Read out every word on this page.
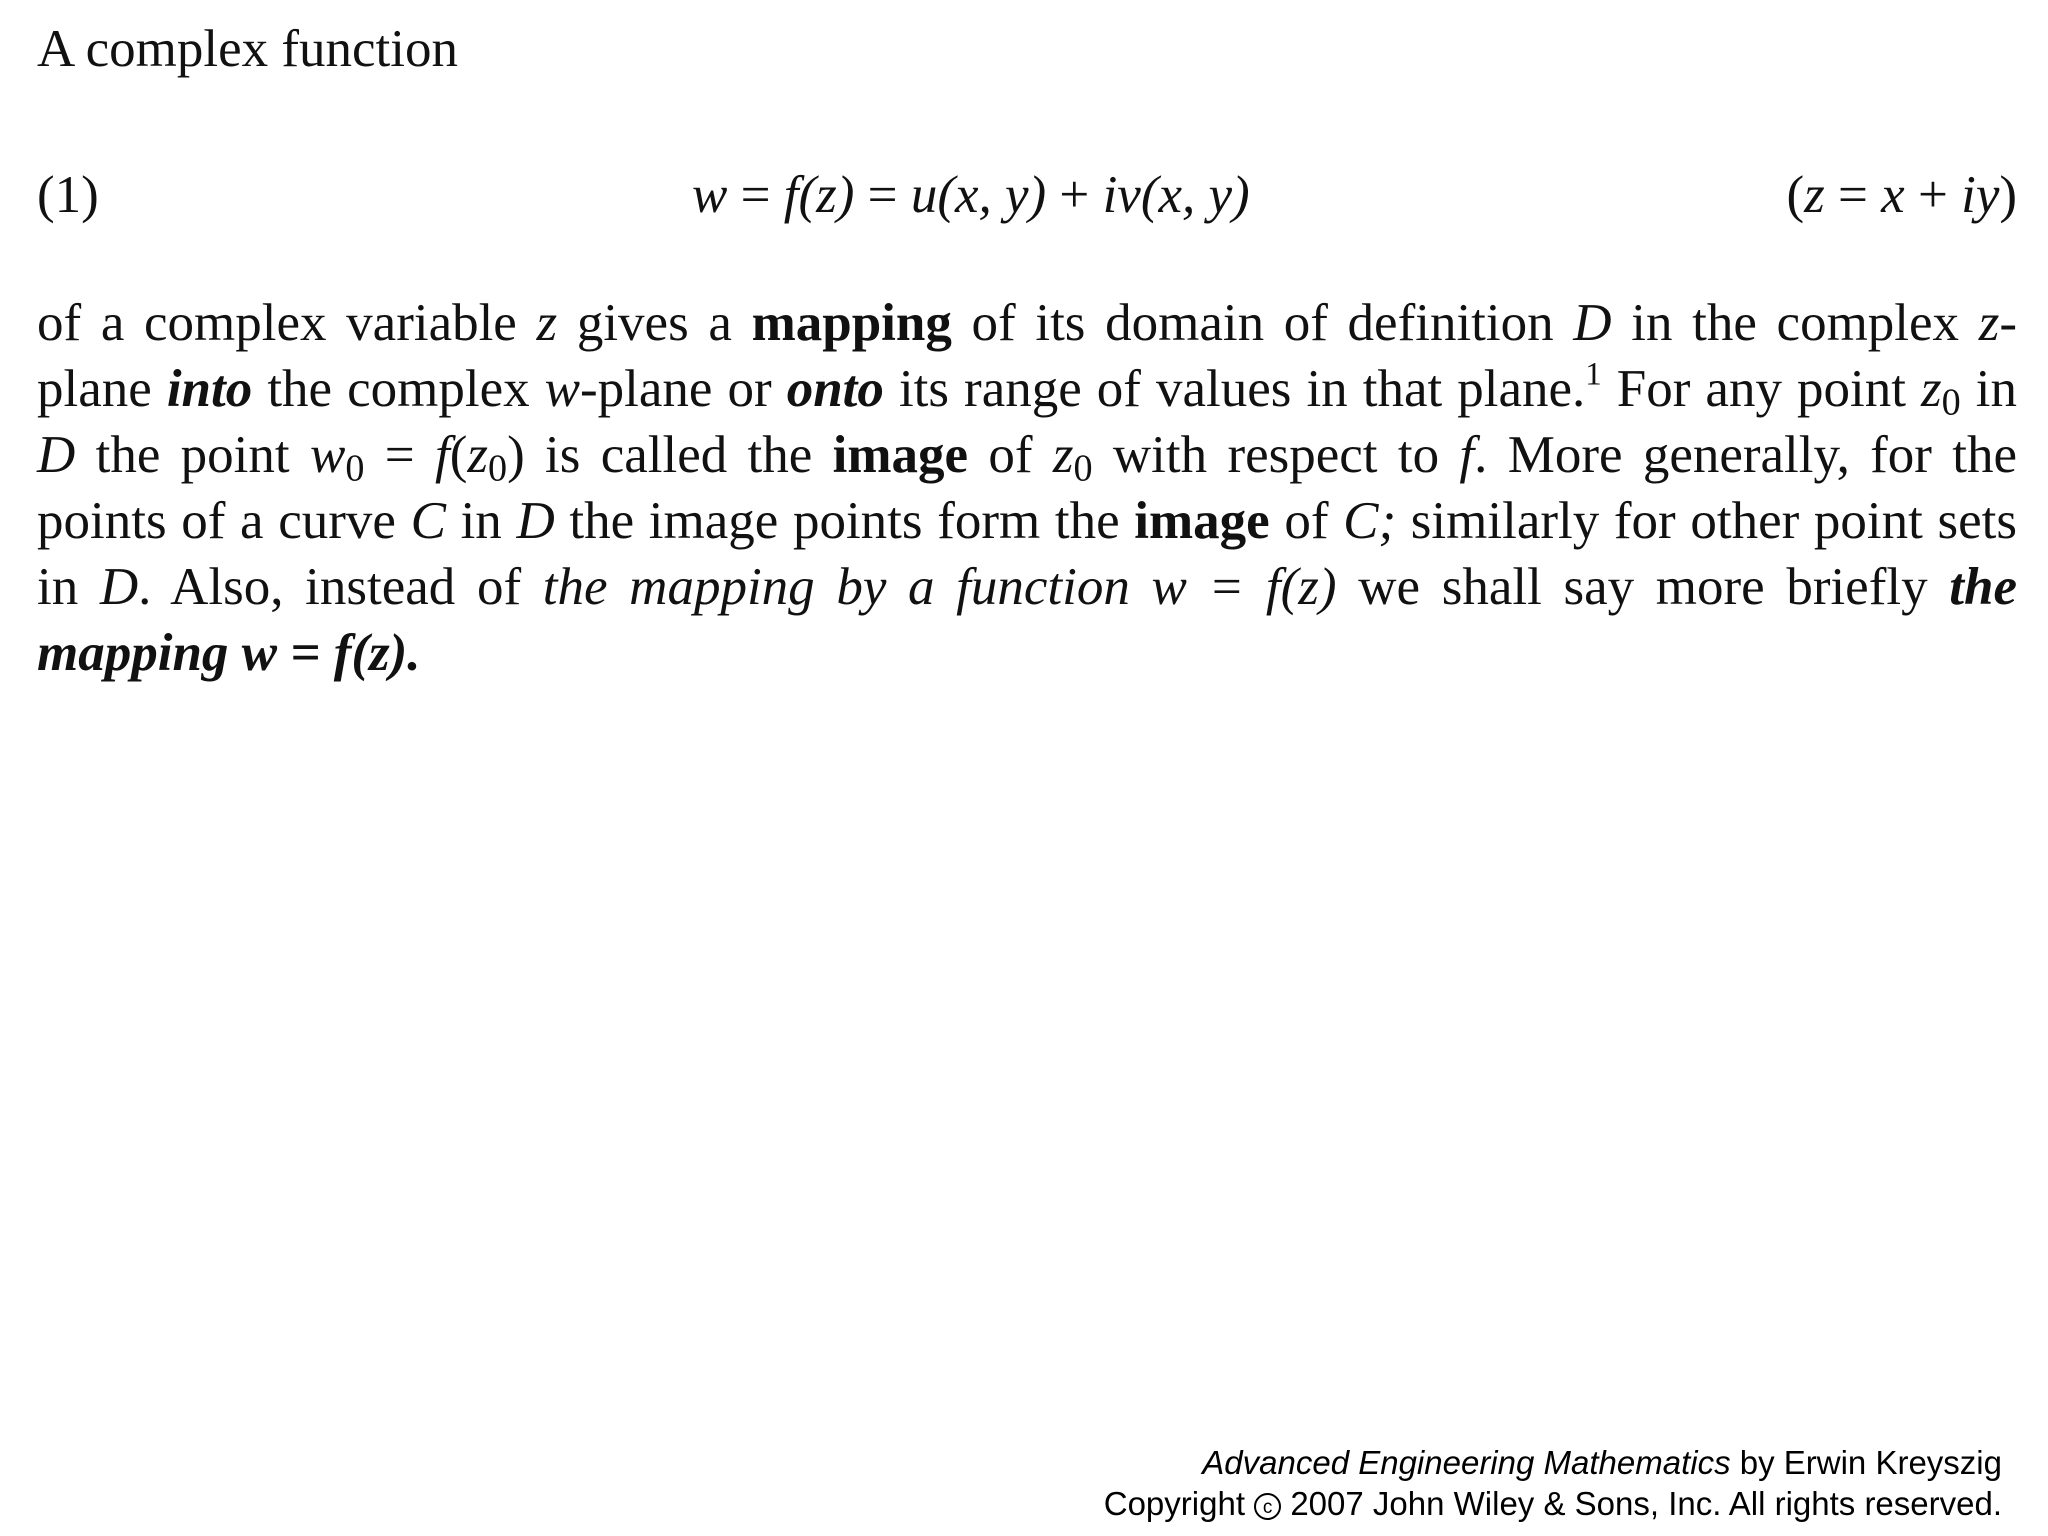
A complex function
(1)	w = f(z) = u(x, y) + iv(x, y)	(z = x + iy)

of a complex variable z gives a mapping of its domain of definition D in the complex z-plane into the complex w-plane or onto its range of values in that plane.$^1$ For any point $z_0$ in D the point $w_0 = f(z_0)$ is called the image of $z_0$ with respect to f. More generally, for the points of a curve C in D the image points form the image of C; similarly for other point sets in D. Also, instead of the mapping by a function w = f(z) we shall say more briefly the mapping w = f(z).

Advanced Engineering Mathematics by Erwin Kreyszig
Copyright c 2007 John Wiley & Sons, Inc. All rights reserved.
